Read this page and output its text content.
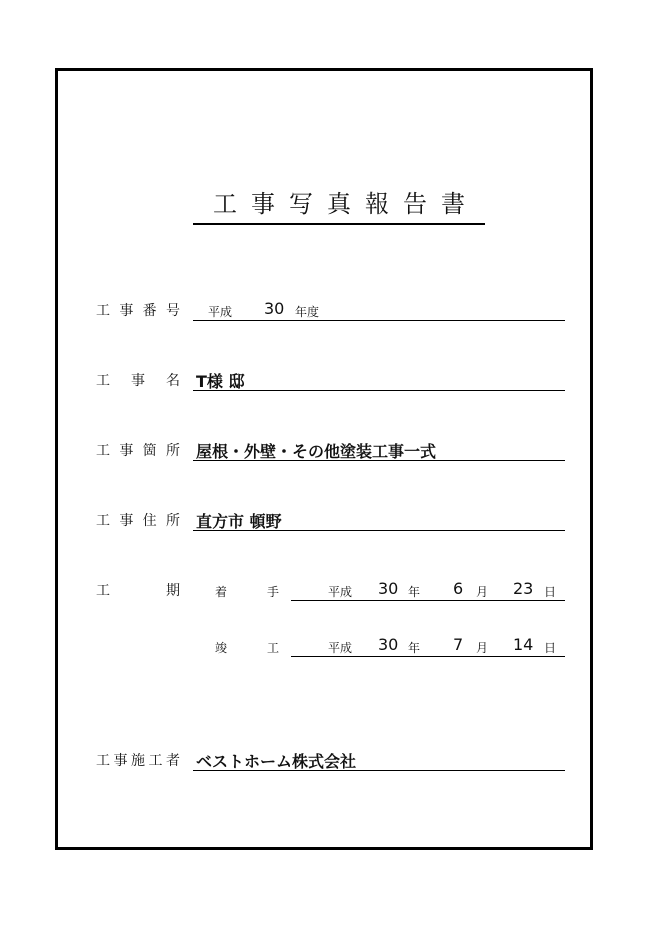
工事写真報告書
工 事 番 号 平成 30 年度
工 事 名 T様 邸
工 事 箇 所 屋根・外壁・その他塗装工事一式
工 事 住 所 直方市 頓野
工	期	着	手	平成 30 年 6 月 23 日
竣	工	平成 30 年 7 月 14 日
工 事 施 工 者 ベストホーム株式会社
